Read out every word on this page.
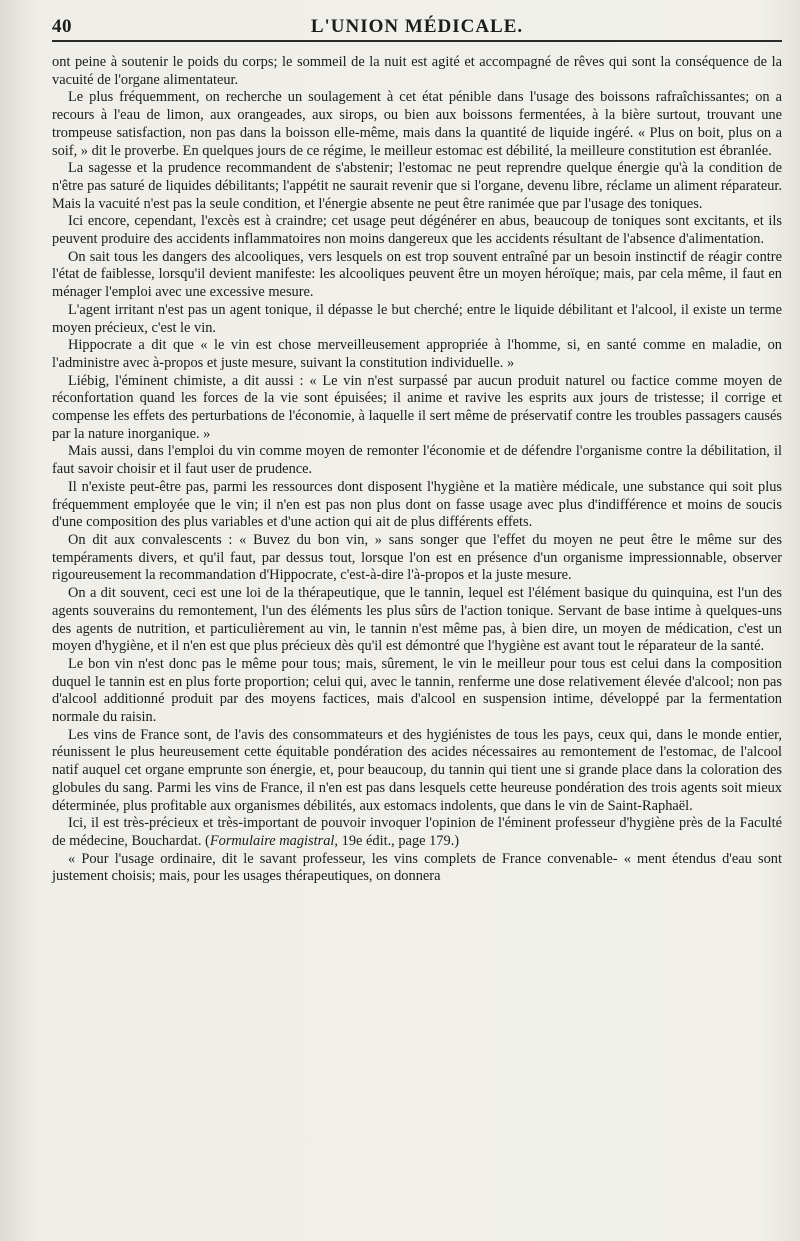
40	L'UNION MÉDICALE.

ont peine à soutenir le poids du corps; le sommeil de la nuit est agité et accompagné de rêves qui sont la conséquence de la vacuité de l'organe alimentateur.

Le plus fréquemment, on recherche un soulagement à cet état pénible dans l'usage des boissons rafraîchissantes; on a recours à l'eau de limon, aux orangeades, aux sirops, ou bien aux boissons fermentées, à la bière surtout, trouvant une trompeuse satisfaction, non pas dans la boisson elle-même, mais dans la quantité de liquide ingéré. « Plus on boit, plus on a soif, » dit le proverbe. En quelques jours de ce régime, le meilleur estomac est débilité, la meilleure constitution est ébranlée.

La sagesse et la prudence recommandent de s'abstenir; l'estomac ne peut reprendre quelque énergie qu'à la condition de n'être pas saturé de liquides débilitants; l'appétit ne saurait revenir que si l'organe, devenu libre, réclame un aliment réparateur. Mais la vacuité n'est pas la seule condition, et l'énergie absente ne peut être ranimée que par l'usage des toniques.

Ici encore, cependant, l'excès est à craindre; cet usage peut dégénérer en abus, beaucoup de toniques sont excitants, et ils peuvent produire des accidents inflammatoires non moins dangereux que les accidents résultant de l'absence d'alimentation.

On sait tous les dangers des alcooliques, vers lesquels on est trop souvent entraîné par un besoin instinctif de réagir contre l'état de faiblesse, lorsqu'il devient manifeste: les alcooliques peuvent être un moyen héroïque; mais, par cela même, il faut en ménager l'emploi avec une excessive mesure.

L'agent irritant n'est pas un agent tonique, il dépasse le but cherché; entre le liquide débilitant et l'alcool, il existe un terme moyen précieux, c'est le vin.

Hippocrate a dit que « le vin est chose merveilleusement appropriée à l'homme, si, en santé comme en maladie, on l'administre avec à-propos et juste mesure, suivant la constitution individuelle. »

Liébig, l'éminent chimiste, a dit aussi : « Le vin n'est surpassé par aucun produit naturel ou factice comme moyen de réconfortation quand les forces de la vie sont épuisées; il anime et ravive les esprits aux jours de tristesse; il corrige et compense les effets des perturbations de l'économie, à laquelle il sert même de préservatif contre les troubles passagers causés par la nature inorganique. »

Mais aussi, dans l'emploi du vin comme moyen de remonter l'économie et de défendre l'organisme contre la débilitation, il faut savoir choisir et il faut user de prudence.

Il n'existe peut-être pas, parmi les ressources dont disposent l'hygiène et la matière médicale, une substance qui soit plus fréquemment employée que le vin; il n'en est pas non plus dont on fasse usage avec plus d'indifférence et moins de soucis d'une composition des plus variables et d'une action qui ait de plus différents effets.

On dit aux convalescents : « Buvez du bon vin, » sans songer que l'effet du moyen ne peut être le même sur des tempéraments divers, et qu'il faut, par dessus tout, lorsque l'on est en présence d'un organisme impressionnable, observer rigoureusement la recommandation d'Hippocrate, c'est-à-dire l'à-propos et la juste mesure.

On a dit souvent, ceci est une loi de la thérapeutique, que le tannin, lequel est l'élément basique du quinquina, est l'un des agents souverains du remontement, l'un des éléments les plus sûrs de l'action tonique. Servant de base intime à quelques-uns des agents de nutrition, et particulièrement au vin, le tannin n'est même pas, à bien dire, un moyen de médication, c'est un moyen d'hygiène, et il n'en est que plus précieux dès qu'il est démontré que l'hygiène est avant tout le réparateur de la santé.

Le bon vin n'est donc pas le même pour tous; mais, sûrement, le vin le meilleur pour tous est celui dans la composition duquel le tannin est en plus forte proportion; celui qui, avec le tannin, renferme une dose relativement élevée d'alcool; non pas d'alcool additionné produit par des moyens factices, mais d'alcool en suspension intime, développé par la fermentation normale du raisin.

Les vins de France sont, de l'avis des consommateurs et des hygiénistes de tous les pays, ceux qui, dans le monde entier, réunissent le plus heureusement cette équitable pondération des acides nécessaires au remontement de l'estomac, de l'alcool natif auquel cet organe emprunte son énergie, et, pour beaucoup, du tannin qui tient une si grande place dans la coloration des globules du sang. Parmi les vins de France, il n'en est pas dans lesquels cette heureuse pondération des trois agents soit mieux déterminée, plus profitable aux organismes débilités, aux estomacs indolents, que dans le vin de Saint-Raphaël.

Ici, il est très-précieux et très-important de pouvoir invoquer l'opinion de l'éminent professeur d'hygiène près de la Faculté de médecine, Bouchardat. (Formulaire magistral, 19e édit., page 179.)

« Pour l'usage ordinaire, dit le savant professeur, les vins complets de France convenable- « ment étendus d'eau sont justement choisis; mais, pour les usages thérapeutiques, on donnera
